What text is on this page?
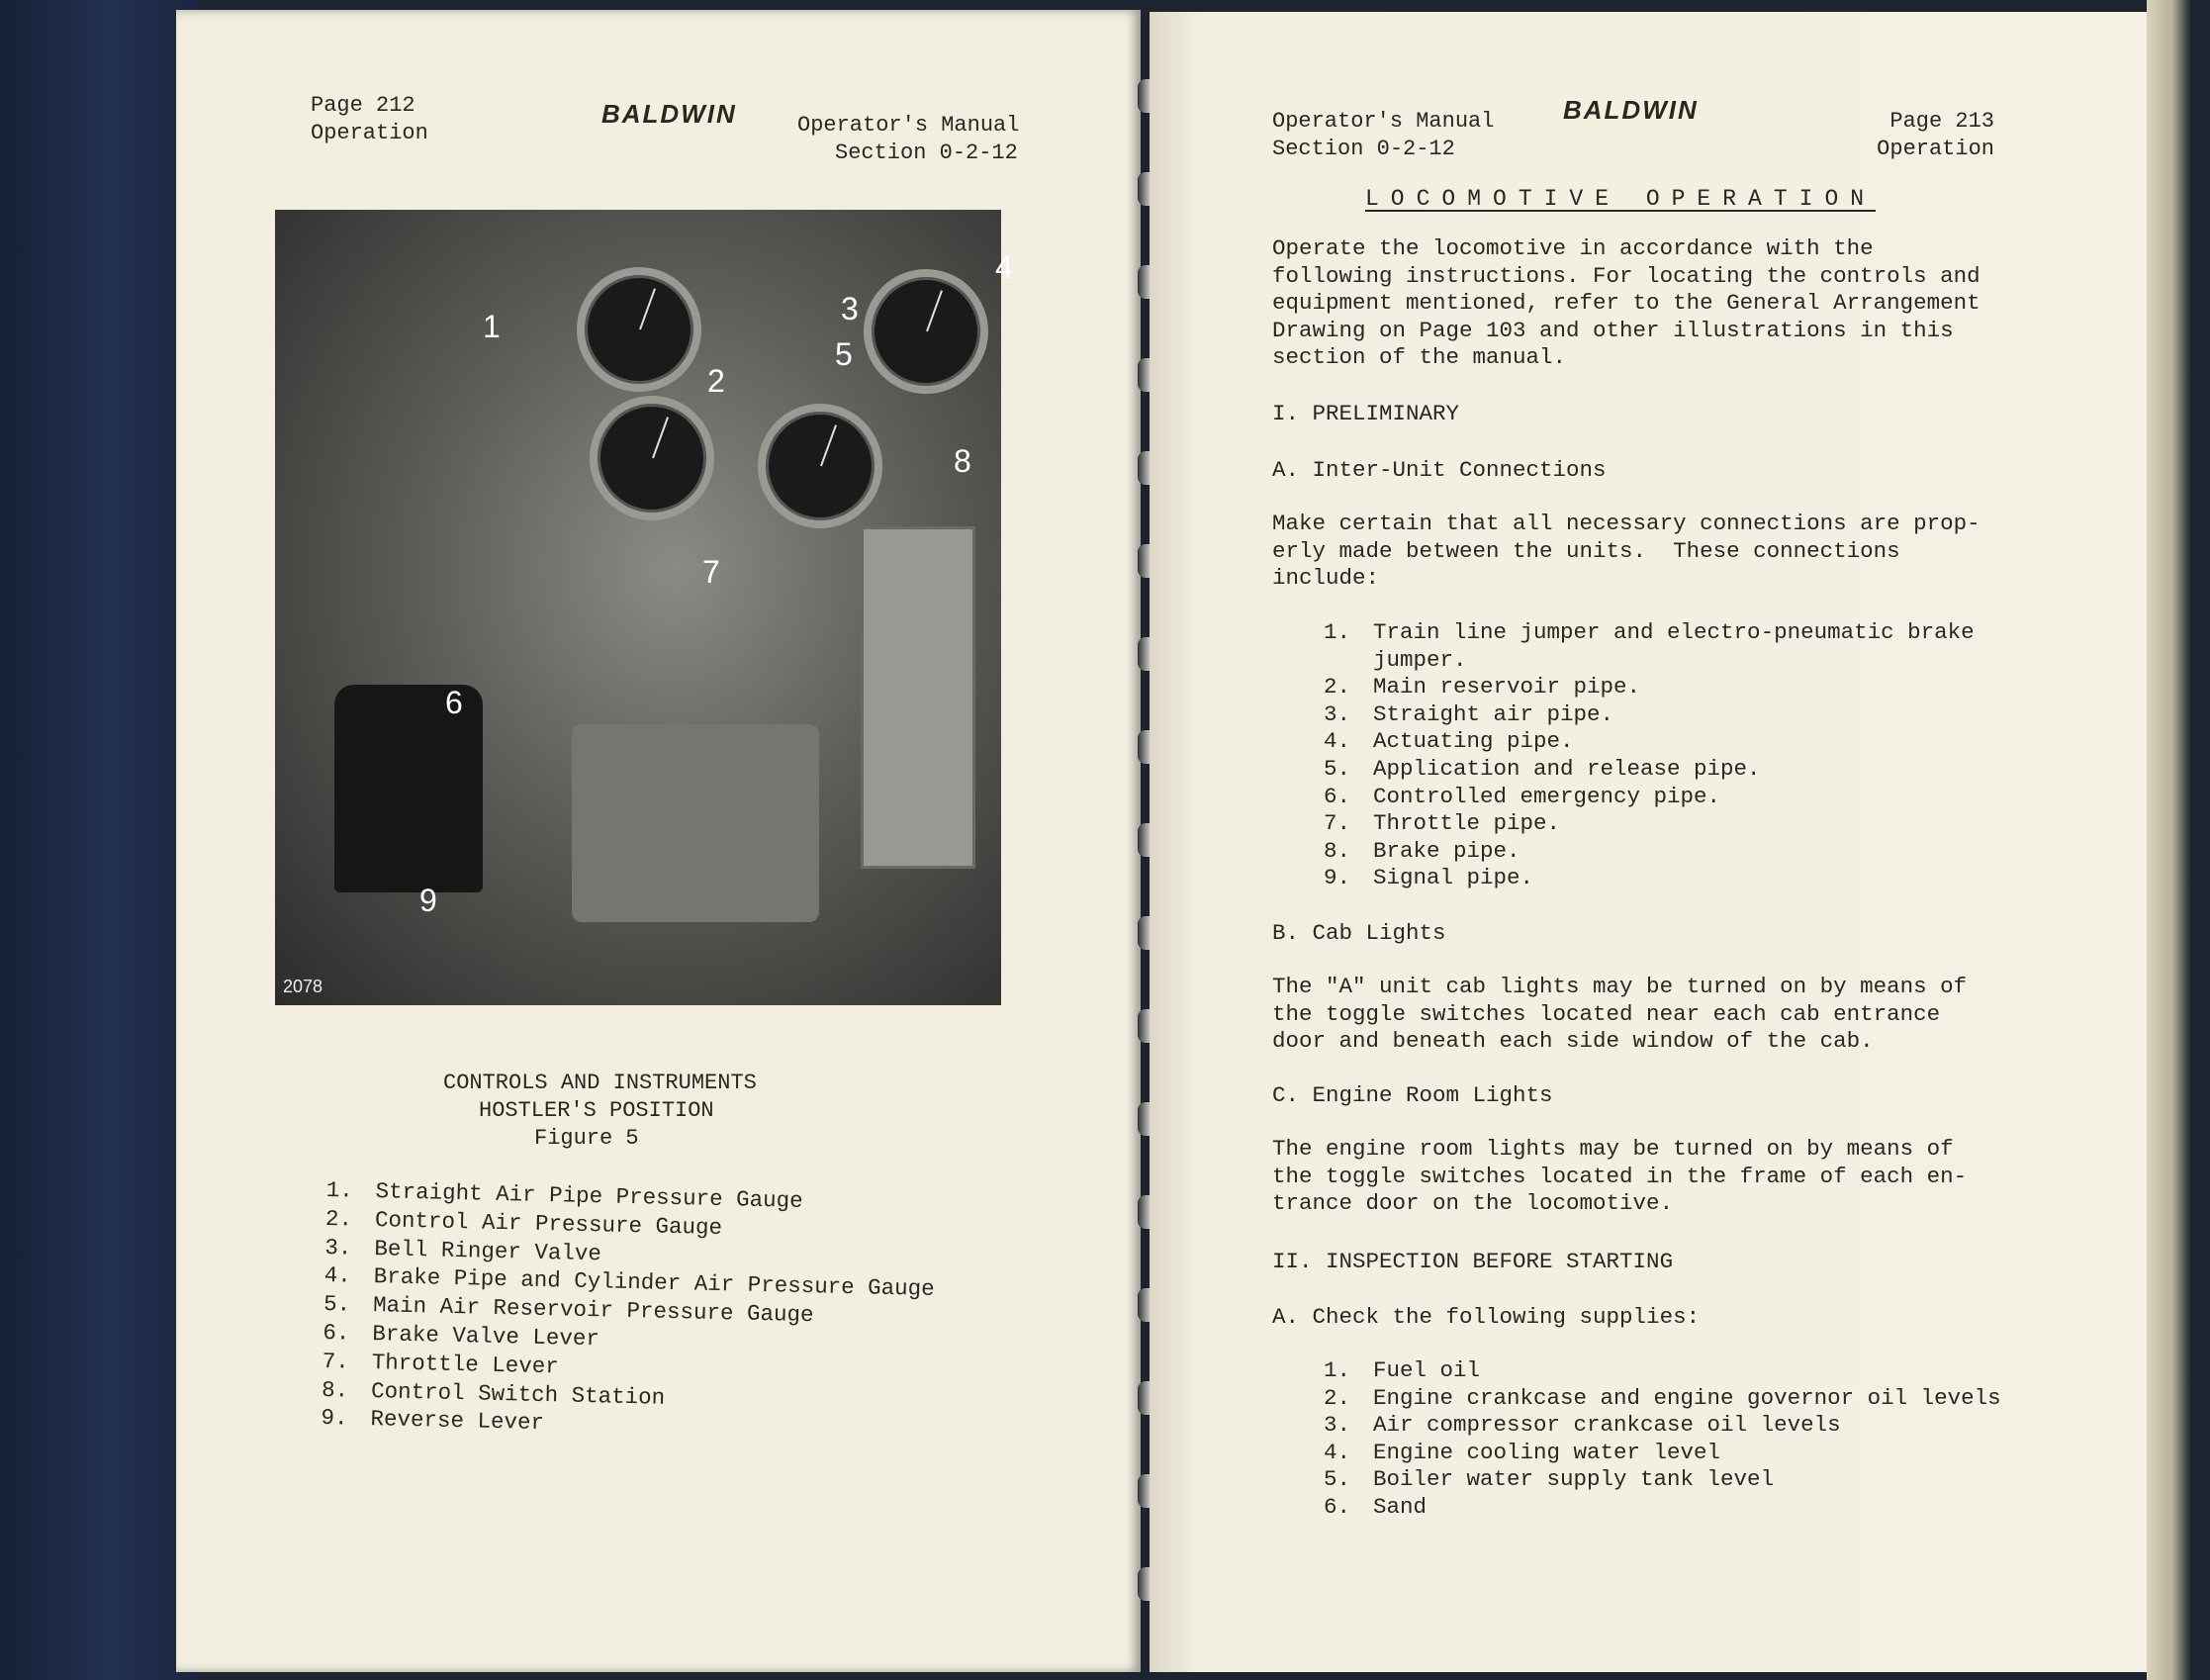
Page 212
Operation
BALDWIN	Operator's Manual
Section 0-2-12
1
2
3
4
5
6
7
8
9
2078
CONTROLS AND INSTRUMENTS
HOSTLER'S POSITION
Figure 5
1. Straight Air Pipe Pressure Gauge
2. Control Air Pressure Gauge
3. Bell Ringer Valve
4. Brake Pipe and Cylinder Air Pressure Gauge
5. Main Air Reservoir Pressure Gauge
6. Brake Valve Lever
7. Throttle Lever
8. Control Switch Station
9. Reverse Lever
Operator's Manual
Section 0-2-12
BALDWIN	Page 213
Operation
LOCOMOTIVE OPERATION
Operate the locomotive in accordance with the
following instructions. For locating the controls and
equipment mentioned, refer to the General Arrangement
Drawing on Page 103 and other illustrations in this
section of the manual.
I. PRELIMINARY
A. Inter-Unit Connections
Make certain that all necessary connections are prop-
erly made between the units.  These connections
include:
1. Train line jumper and electro-pneumatic brake
jumper.
2. Main reservoir pipe.
3. Straight air pipe.
4. Actuating pipe.
5. Application and release pipe.
6. Controlled emergency pipe.
7. Throttle pipe.
8. Brake pipe.
9. Signal pipe.
B. Cab Lights
The "A" unit cab lights may be turned on by means of
the toggle switches located near each cab entrance
door and beneath each side window of the cab.
C. Engine Room Lights
The engine room lights may be turned on by means of
the toggle switches located in the frame of each en-
trance door on the locomotive.
II. INSPECTION BEFORE STARTING
A. Check the following supplies:
1. Fuel oil
2. Engine crankcase and engine governor oil levels
3. Air compressor crankcase oil levels
4. Engine cooling water level
5. Boiler water supply tank level
6. Sand
